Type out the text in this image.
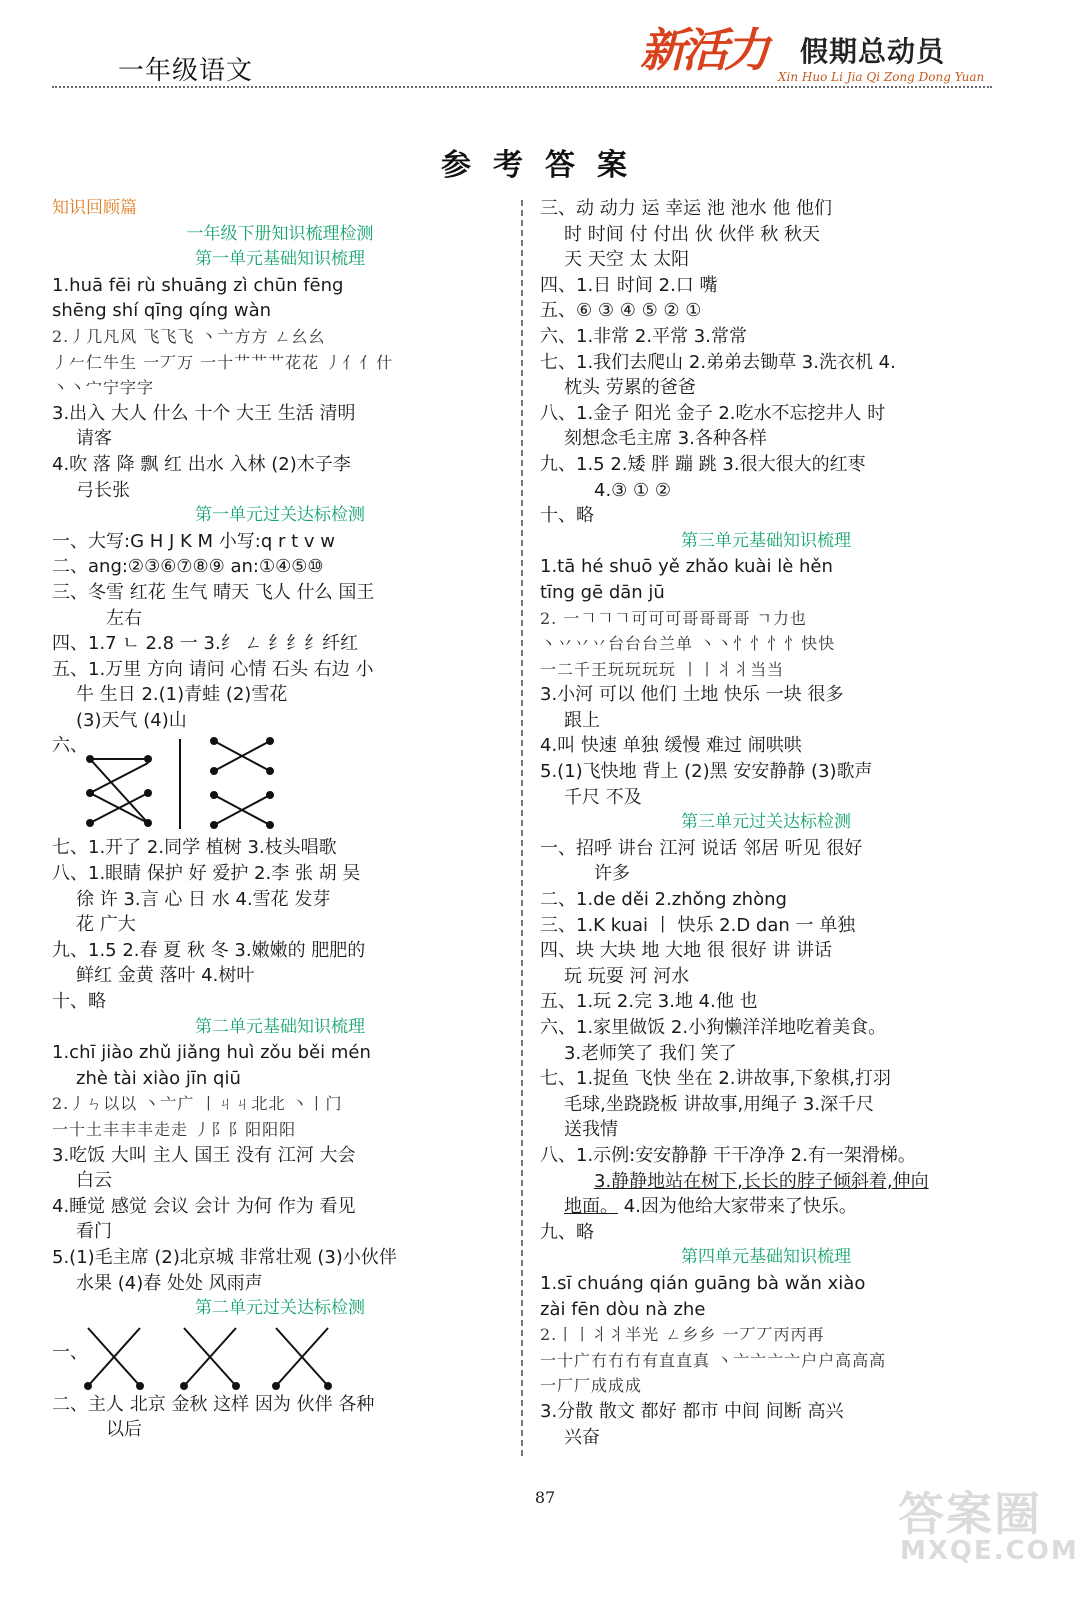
一年级语文	新活力 假期总动员
Xin Huo Li Jia Qi Zong Dong Yuan
参考答案
知识回顾篇
一年级下册知识梳理检测
第一单元基础知识梳理
1.huā fēi rù shuāng zì chūn fēng
shēng shí qīng qíng wàn
2.丿几凡风 飞飞飞 丶亠方方 ㄥ幺幺
丿𠂉仁牛生 一丆万 一十艹艹艹花花 丿亻亻什
丶丶宀宁字字
3.出入 大人 什么 十个 大王 生活 清明
请客
4.吹 落 降 飘 红 出水 入林 (2)木子李
弓长张
第一单元过关达标检测
一、大写:G H J K M 小写:q r t v w
二、ang:②③⑥⑦⑧⑨ an:①④⑤⑩
三、冬雪 红花 生气 晴天 飞人 什么 国王
左右
四、1.7 ㄴ 2.8 一 3.纟 ㄥ 纟纟纟纤红
五、1.万里 方向 请问 心情 石头 右边 小
牛 生日 2.(1)青蛙 (2)雪花
(3)天气 (4)山
六、
七、1.开了 2.同学 植树 3.枝头唱歌
八、1.眼睛 保护 好 爱护 2.李 张 胡 吴
徐 许 3.言 心 日 水 4.雪花 发芽
花 广大
九、1.5 2.春 夏 秋 冬 3.嫩嫩的 肥肥的
鲜红 金黄 落叶 4.树叶
十、略
第二单元基础知识梳理
1.chī jiào zhǔ jiǎng huì zǒu běi mén
zhè tài xiào jīn qiū
2.丿ㄣ以以 丶亠广 丨ㄐㄐ北北 丶丨门
一十土丰丰丰走走 丿阝阝阳阳阳
3.吃饭 大叫 主人 国王 没有 江河 大会
白云
4.睡觉 感觉 会议 会计 为何 作为 看见
看门
5.(1)毛主席 (2)北京城 非常壮观 (3)小伙伴
水果 (4)春 处处 风雨声
第二单元过关达标检测
一、
二、主人 北京 金秋 这样 因为 伙伴 各种
以后
三、动 动力 运 幸运 池 池水 他 他们
时 时间 付 付出 伙 伙伴 秋 秋天
天 天空 太 太阳
四、1.日 时间 2.口 嘴
五、⑥ ③ ④ ⑤ ② ①
六、1.非常 2.平常 3.常常
七、1.我们去爬山 2.弟弟去锄草 3.洗衣机 4.
枕头 劳累的爸爸
八、1.金子 阳光 金子 2.吃水不忘挖井人 时
刻想念毛主席 3.各种各样
九、1.5 2.矮 胖 蹦 跳 3.很大很大的红枣
4.③ ① ②
十、略
第三单元基础知识梳理
1.tā hé shuō yě zhǎo kuài lè hěn
tīng gē dān jū
2. 一𠃍𠃍𠃍可可可哥哥哥哥 ㄱ力也
丶丷丷丷台台台兰单 丶丶忄忄忄忄快快
一二千王玩玩玩玩 丨丨丬丬当当
3.小河 可以 他们 土地 快乐 一块 很多
跟上
4.叫 快速 单独 缓慢 难过 闹哄哄
5.(1)飞快地 背上 (2)黑 安安静静 (3)歌声
千尺 不及
第三单元过关达标检测
一、招呼 讲台 江河 说话 邻居 听见 很好
许多
二、1.de děi 2.zhǒng zhòng
三、1.K kuai 丨 快乐 2.D dan 一 单独
四、块 大块 地 大地 很 很好 讲 讲话
玩 玩耍 河 河水
五、1.玩 2.完 3.地 4.他 也
六、1.家里做饭 2.小狗懒洋洋地吃着美食。
3.老师笑了 我们 笑了
七、1.捉鱼 飞快 坐在 2.讲故事,下象棋,打羽
毛球,坐跷跷板 讲故事,用绳子 3.深千尺
送我情
八、1.示例:安安静静 干干净净 2.有一架滑梯。
3.静静地站在树下,长长的脖子倾斜着,伸向
地面。 4.因为他给大家带来了快乐。
九、略
第四单元基础知识梳理
1.sī chuáng qián guāng bà wǎn xiào
zài fēn dòu nà zhe
2.丨丨丬丬半光 ㄥ乡乡 一丆丆丙丙再
一十广冇冇冇有直直真 丶亠亠亠亠户户高高高
一厂厂成成成
3.分散 散文 都好 都市 中间 间断 高兴
兴奋
87	答案圈
MXQE.COM
